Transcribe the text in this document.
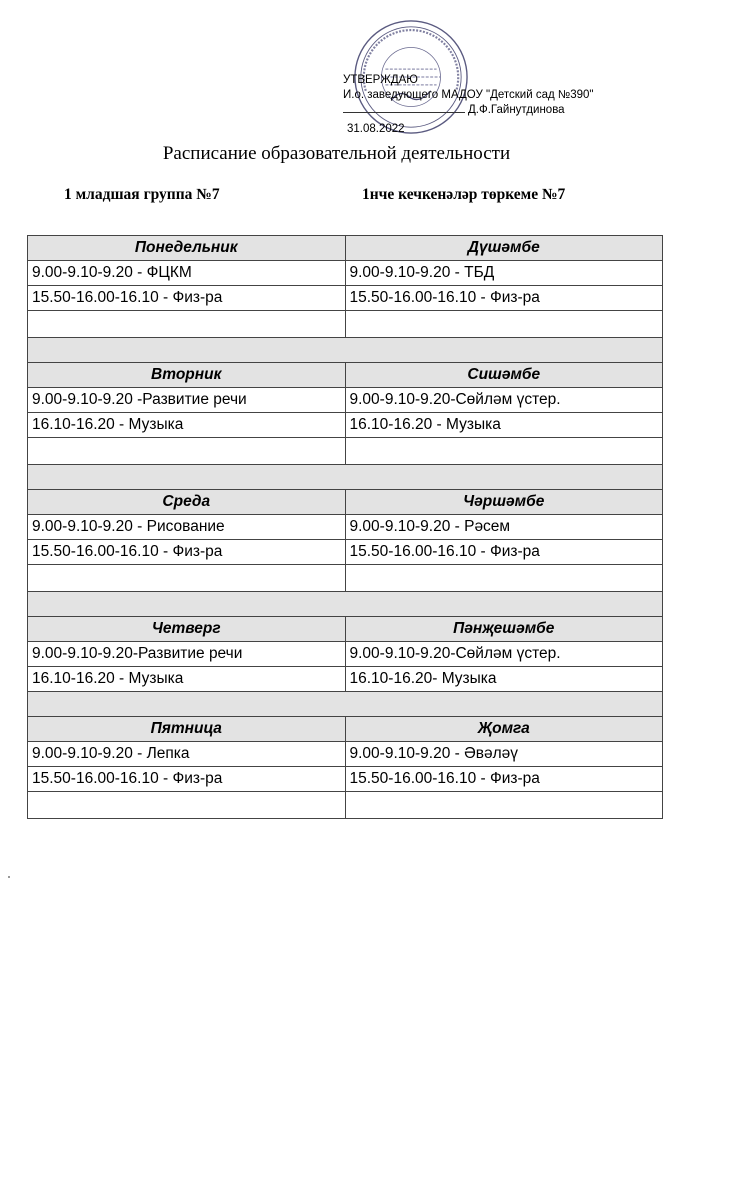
УТВЕРЖДАЮ
И.о. заведующего МАДОУ "Детский сад №390"
Д.Ф.Гайнутдинова
31.08.2022
Расписание образовательной деятельности
1 младшая группа №7	1нче кечкенәләр төркеме №7
Понедельник	Дүшәмбе
9.00-9.10-9.20 - ФЦКМ	9.00-9.10-9.20 - ТБД
15.50-16.00-16.10 - Физ-ра	15.50-16.00-16.10 - Физ-ра

Вторник	Сишәмбе
9.00-9.10-9.20 -Развитие речи	9.00-9.10-9.20-Сөйләм үстер.
16.10-16.20 - Музыка	16.10-16.20 - Музыка

Среда	Чәршәмбе
9.00-9.10-9.20 - Рисование	9.00-9.10-9.20 - Рәсем
15.50-16.00-16.10 - Физ-ра	15.50-16.00-16.10 - Физ-ра

Четверг	Пәнҗешәмбе
9.00-9.10-9.20-Развитие речи	9.00-9.10-9.20-Сөйләм үстер.
16.10-16.20 - Музыка	16.10-16.20- Музыка

Пятница	Җомга
9.00-9.10-9.20 - Лепка	9.00-9.10-9.20 - Әвәләү
15.50-16.00-16.10 - Физ-ра	15.50-16.00-16.10 - Физ-ра
